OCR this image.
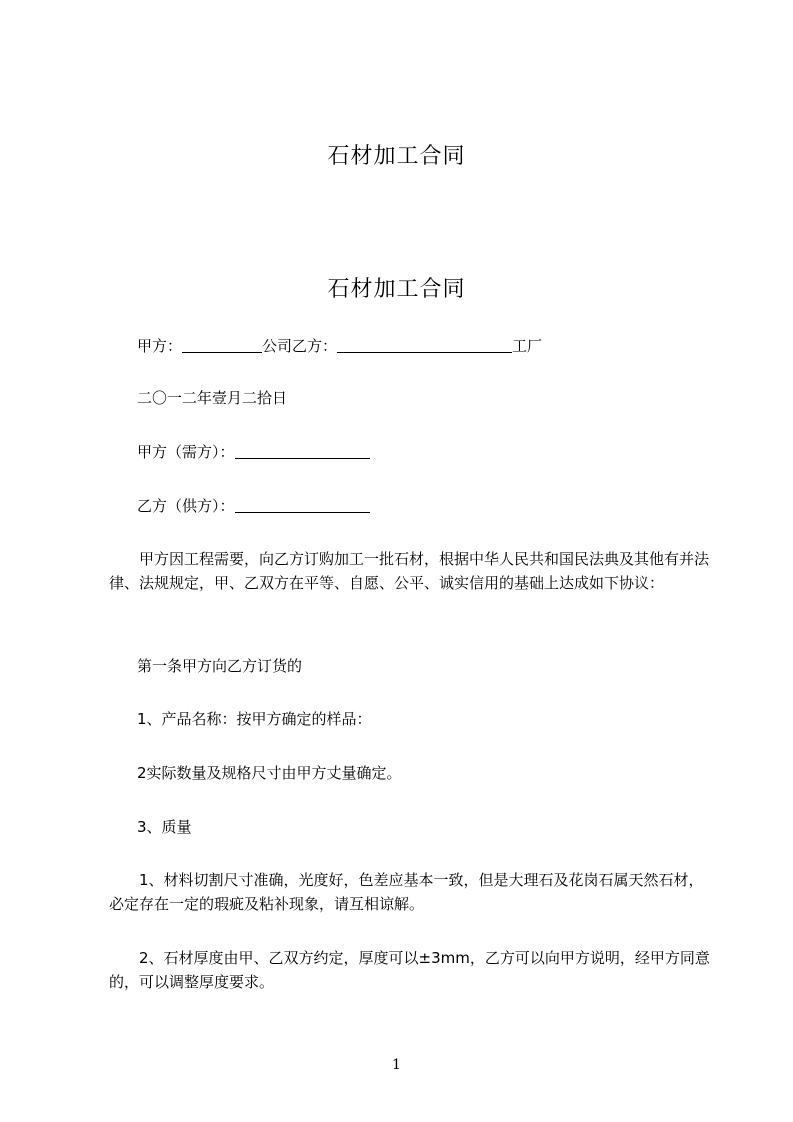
石材加工合同
石材加工合同
甲方：	公司乙方：	工厂
二〇一二年壹月二拾日
甲方（需方）：
乙方（供方）：
甲方因工程需要，向乙方订购加工一批石材，根据中华人民共和国民法典及其他有并法律、法规规定，甲、乙双方在平等、自愿、公平、诚实信用的基础上达成如下协议：
第一条甲方向乙方订货的
1、产品名称：按甲方确定的样品：
2实际数量及规格尺寸由甲方丈量确定。
3、质量
1、材料切割尺寸准确，光度好，色差应基本一致，但是大理石及花岗石属天然石材，必定存在一定的瑕疵及粘补现象，请互相谅解。
2、石材厚度由甲、乙双方约定，厚度可以±3mm，乙方可以向甲方说明，经甲方同意的，可以调整厚度要求。
1
